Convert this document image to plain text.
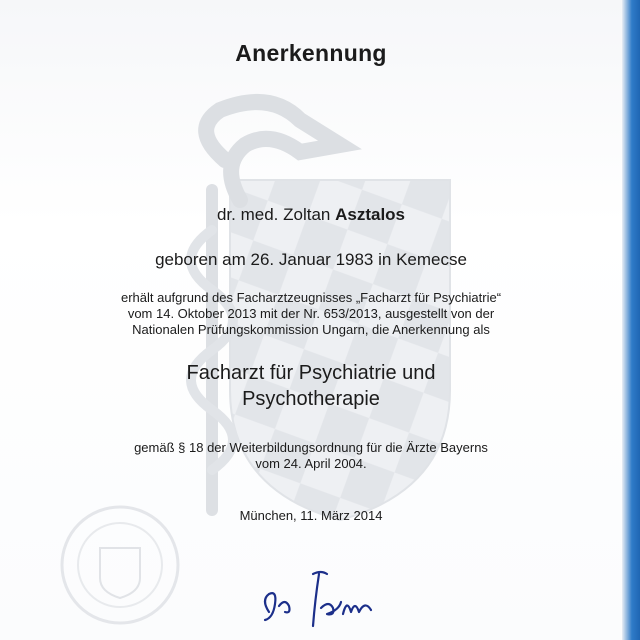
Anerkennung
dr. med. Zoltan Asztalos
geboren am 26. Januar 1983 in Kemecse
erhält aufgrund des Facharztzeugnisses „Facharzt für Psychiatrie“
vom 14. Oktober 2013 mit der Nr. 653/2013, ausgestellt von der
Nationalen Prüfungskommission Ungarn, die Anerkennung als
Facharzt für Psychiatrie und
Psychotherapie
gemäß § 18 der Weiterbildungsordnung für die Ärzte Bayerns
vom 24. April 2004.
München, 11. März 2014
